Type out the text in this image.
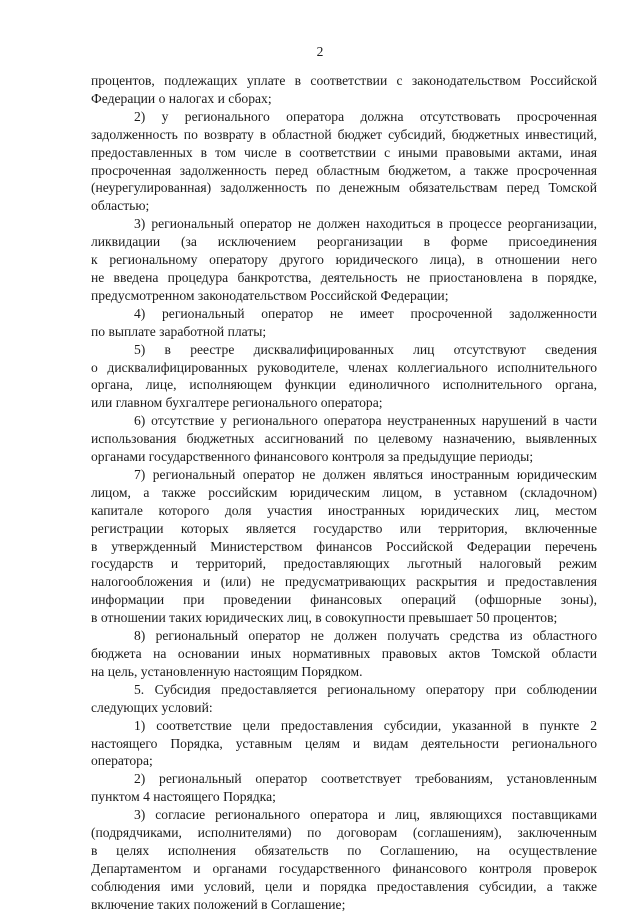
2
процентов, подлежащих уплате в соответствии с законодательством Российской
Федерации о налогах и сборах;
2) у регионального оператора должна отсутствовать просроченная
задолженность по возврату в областной бюджет субсидий, бюджетных инвестиций,
предоставленных в том числе в соответствии с иными правовыми актами, иная
просроченная задолженность перед областным бюджетом, а также просроченная
(неурегулированная) задолженность по денежным обязательствам перед Томской
областью;
3) региональный оператор не должен находиться в процессе реорганизации,
ликвидации (за исключением реорганизации в форме присоединения
к региональному оператору другого юридического лица), в отношении него
не введена процедура банкротства, деятельность не приостановлена в порядке,
предусмотренном законодательством Российской Федерации;
4) региональный оператор не имеет просроченной задолженности
по выплате заработной платы;
5) в реестре дисквалифицированных лиц отсутствуют сведения
о дисквалифицированных руководителе, членах коллегиального исполнительного
органа, лице, исполняющем функции единоличного исполнительного органа,
или главном бухгалтере регионального оператора;
6) отсутствие у регионального оператора неустраненных нарушений в части
использования бюджетных ассигнований по целевому назначению, выявленных
органами государственного финансового контроля за предыдущие периоды;
7) региональный оператор не должен являться иностранным юридическим
лицом, а также российским юридическим лицом, в уставном (складочном)
капитале которого доля участия иностранных юридических лиц, местом
регистрации которых является государство или территория, включенные
в утвержденный Министерством финансов Российской Федерации перечень
государств и территорий, предоставляющих льготный налоговый режим
налогообложения и (или) не предусматривающих раскрытия и предоставления
информации при проведении финансовых операций (офшорные зоны),
в отношении таких юридических лиц, в совокупности превышает 50 процентов;
8) региональный оператор не должен получать средства из областного
бюджета на основании иных нормативных правовых актов Томской области
на цель, установленную настоящим Порядком.
5. Субсидия предоставляется региональному оператору при соблюдении
следующих условий:
1) соответствие цели предоставления субсидии, указанной в пункте 2
настоящего Порядка, уставным целям и видам деятельности регионального
оператора;
2) региональный оператор соответствует требованиям, установленным
пунктом 4 настоящего Порядка;
3) согласие регионального оператора и лиц, являющихся поставщиками
(подрядчиками, исполнителями) по договорам (соглашениям), заключенным
в целях исполнения обязательств по Соглашению, на осуществление
Департаментом и органами государственного финансового контроля проверок
соблюдения ими условий, цели и порядка предоставления субсидии, а также
включение таких положений в Соглашение;
